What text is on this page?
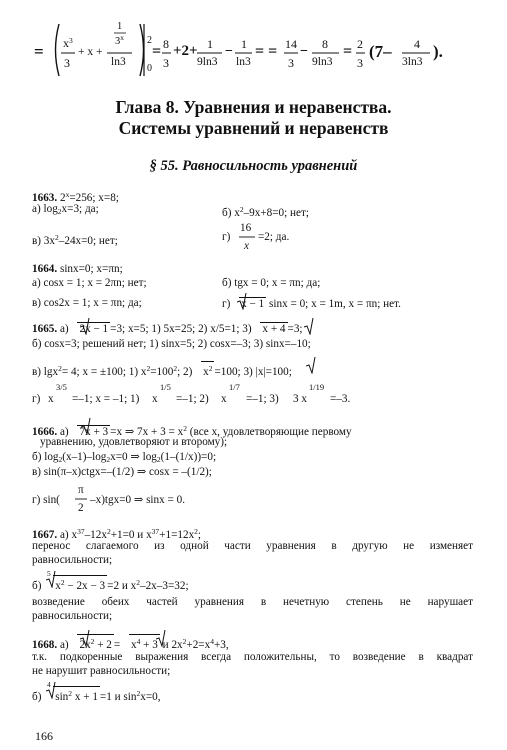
= $x^3$
3
+ x +
1
3$^x$
ln3
2
0
= 8
3
+2+ 1
9ln3
− 1
ln3
= = 14
3
− 8
9ln3
= 2
3
(7– 4
3ln3
).
Глава 8. Уравнения и неравенства.
Системы уравнений и неравенств
§ 55. Равносильность уравнений
1663. $2^x=256$; x=8;
а) $\log_2x=3$; да;	б) $x^2-9x+8=0$; нет;
в) $3x^2-24x=0$; нет;	г)
16
x
=2; да.
1664. sinx=0; x=πn;
а) cosx = 1; x = 2πn; нет;	б) tgx = 0; x = πn; да;
в) cos2x = 1; x = πn; да;	г) x − 1 sinx = 0; x = 1m, x = πn; нет.
1665. а) 2x − 1 =3; x=5; 1) 5x=25; 2) x/5=1; 3) x + 4 =3;
б) cosx=3; решений нет; 1) sinx=5; 2) cosx=–3; 3) sinx=–10;
в) lgx$^2$= 4; x = ±100; 1) $x^2=100^2$; 2) $x^2 =100$; 3) |x|=100;
г) x
3/5
=–1; x = –1; 1) x
1/5
=–1; 2) x
1/7
=–1; 3) 3 x
1/19
=–3.
1666. а) 7x + 3 =x ⇒ $7x + 3 = x^2$ (все x, удовлетворяющие первому
уравнению, удовлетворяют и второму);
б) $\log_2(x-1)-\log_2x=0$ ⇒ $\log_2(1-(1/x))=0$;
в) sin(π–x)ctgx=–(1/2) ⇒ cosx = –(1/2);
г) sin(
π
2
–x)tgx=0 ⇒ sinx = 0.
1667. а) $x^{37}-12x^2+1=0$ и $x^{37}+1=12x^2$;
перенос слагаемого из одной части уравнения в другую не изменяет
равносильности;
б) $x^2 - 2x - 3 =2$ и $x^2-2x-3=32$;
5
возведение обеих частей уравнения в нечетную степень не нарушает
равносильности;
1668. а) $2x^2 + 2 = x^4 + 3$ и $2x^2+2=x^4+3$,
т.к. подкоренные выражения всегда положительны, то возведение в квадрат
не нарушит равносильности;
б) $\sin^2 x + 1 =1$ и $\sin^2x=0$,
4
166
